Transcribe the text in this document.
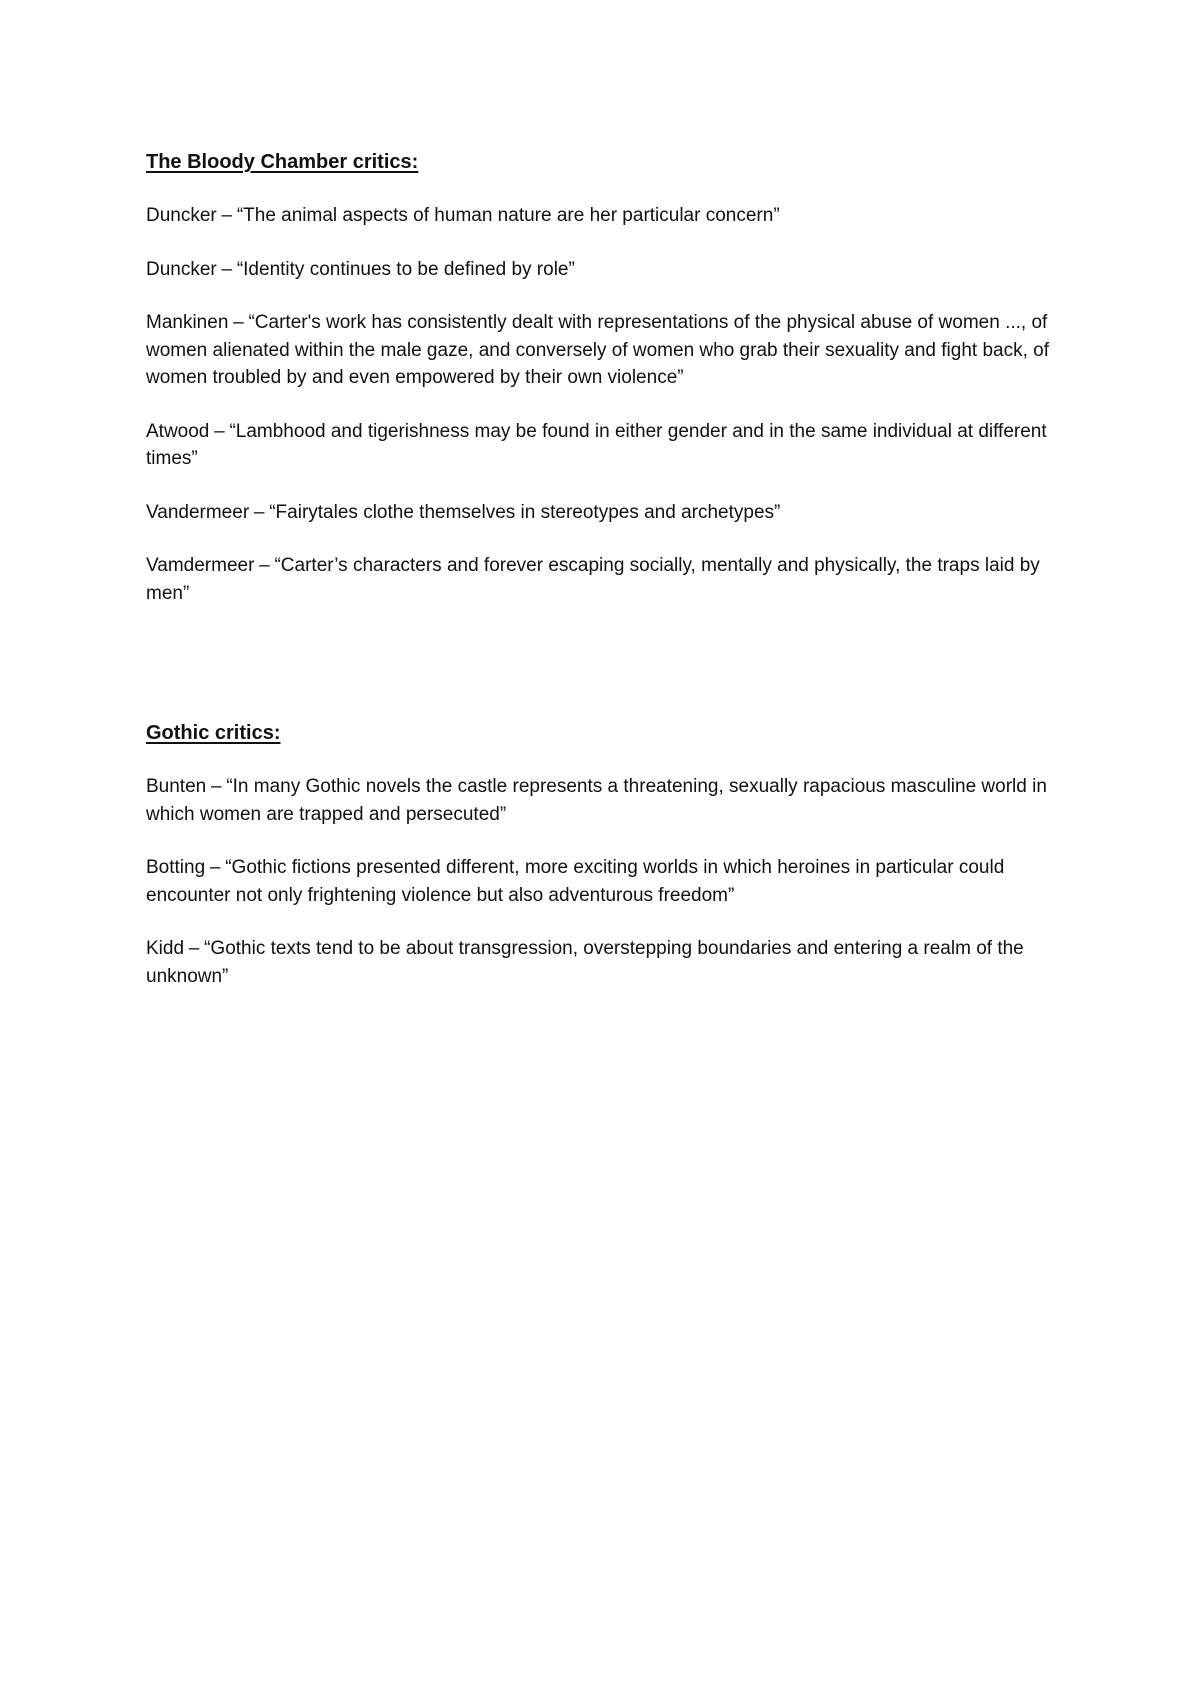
The Bloody Chamber critics:

Duncker – “The animal aspects of human nature are her particular concern”

Duncker – “Identity continues to be defined by role”

Mankinen – “Carter's work has consistently dealt with representations of the physical abuse of women ..., of women alienated within the male gaze, and conversely of women who grab their sexuality and fight back, of women troubled by and even empowered by their own violence”

Atwood – “Lambhood and tigerishness may be found in either gender and in the same individual at different times”

Vandermeer – “Fairytales clothe themselves in stereotypes and archetypes”

Vamdermeer – “Carter’s characters and forever escaping socially, mentally and physically, the traps laid by men”

Gothic critics:

Bunten – “In many Gothic novels the castle represents a threatening, sexually rapacious masculine world in which women are trapped and persecuted”

Botting – “Gothic fictions presented different, more exciting worlds in which heroines in particular could encounter not only frightening violence but also adventurous freedom”

Kidd – “Gothic texts tend to be about transgression, overstepping boundaries and entering a realm of the unknown”
